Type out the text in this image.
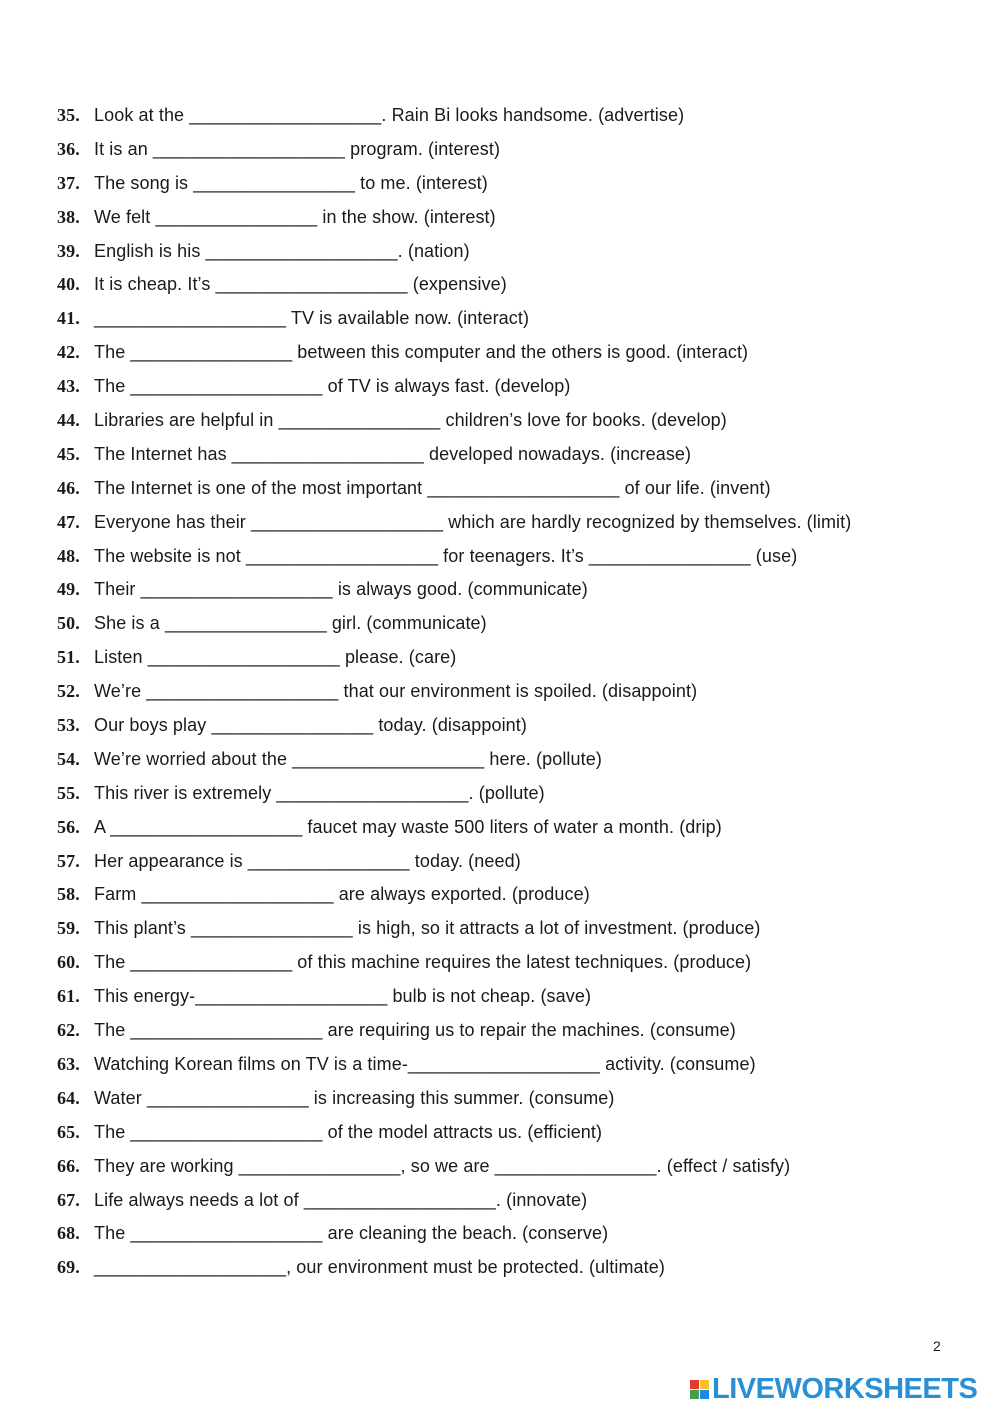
35. Look at the ___________________. Rain Bi looks handsome. (advertise)
36. It is an ___________________ program. (interest)
37. The song is ________________ to me. (interest)
38. We felt ________________ in the show. (interest)
39. English is his ___________________. (nation)
40. It is cheap. It’s ___________________ (expensive)
41. ___________________ TV is available now. (interact)
42. The ________________ between this computer and the others is good. (interact)
43. The ___________________ of TV is always fast. (develop)
44. Libraries are helpful in ________________ children’s love for books. (develop)
45. The Internet has ___________________ developed nowadays. (increase)
46. The Internet is one of the most important ___________________ of our life. (invent)
47. Everyone has their ___________________ which are hardly recognized by themselves. (limit)
48. The website is not ___________________ for teenagers. It’s ________________ (use)
49. Their ___________________ is always good. (communicate)
50. She is a ________________ girl. (communicate)
51. Listen ___________________ please. (care)
52. We’re ___________________ that our environment is spoiled. (disappoint)
53. Our boys play ________________ today. (disappoint)
54. We’re worried about the ___________________ here. (pollute)
55. This river is extremely ___________________. (pollute)
56. A ___________________ faucet may waste 500 liters of water a month. (drip)
57. Her appearance is ________________ today. (need)
58. Farm ___________________ are always exported. (produce)
59. This plant’s ________________ is high, so it attracts a lot of investment. (produce)
60. The ________________ of this machine requires the latest techniques. (produce)
61. This energy-___________________ bulb is not cheap. (save)
62. The ___________________ are requiring us to repair the machines. (consume)
63. Watching Korean films on TV is a time-___________________ activity. (consume)
64. Water ________________ is increasing this summer. (consume)
65. The ___________________ of the model attracts us. (efficient)
66. They are working ________________, so we are ________________. (effect / satisfy)
67. Life always needs a lot of ___________________. (innovate)
68. The ___________________ are cleaning the beach. (conserve)
69. ___________________, our environment must be protected. (ultimate)
2
LIVEWORKSHEETS
